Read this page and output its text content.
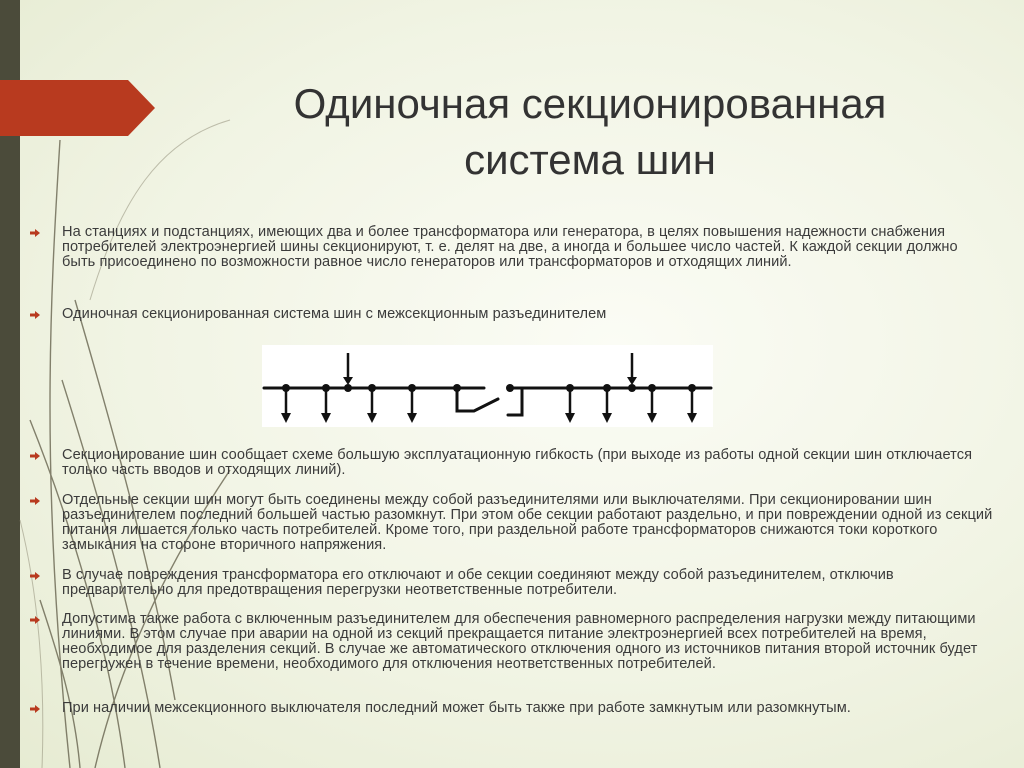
Одиночная секционированная
система шин
На станциях и подстанциях, имеющих два и более трансформатора или генератора, в целях повышения надежности снабжения потребителей электроэнергией шины секционируют, т. е. делят на две, а иногда и большее число частей. К каждой секции должно быть присоединено по возможности равное число генераторов или трансформаторов и отходящих линий.
Одиночная секционированная система шин с межсекционным разъединителем
Секционирование шин сообщает схеме большую эксплуатационную гибкость (при выходе из работы одной секции шин отключается только часть вводов и отходящих линий).
Отдельные секции шин могут быть соединены между собой разъединителями или выключателями. При секционировании шин разъединителем последний большей частью разомкнут. При этом обе секции работают раздельно, и при повреждении одной из секций питания лишается только часть потребителей. Кроме того, при раздельной работе трансформаторов снижаются токи короткого замыкания на стороне вторичного напряжения.
В случае повреждения трансформатора его отключают и обе секции соединяют между собой разъединителем, отключив предварительно для предотвращения перегрузки неответственные потребители.
Допустима также работа с включенным разъединителем для обеспечения равномерного распределения нагрузки между питающими линиями. В этом случае при аварии на одной из секций прекращается питание электроэнергией всех потребителей на время, необходимое для разделения секций. В случае же автоматического отключения одного из источников питания второй источник будет перегружен в течение времени, необходимого для отключения неответственных потребителей.
При наличии межсекционного выключателя последний может быть также при работе замкнутым или разомкнутым.
